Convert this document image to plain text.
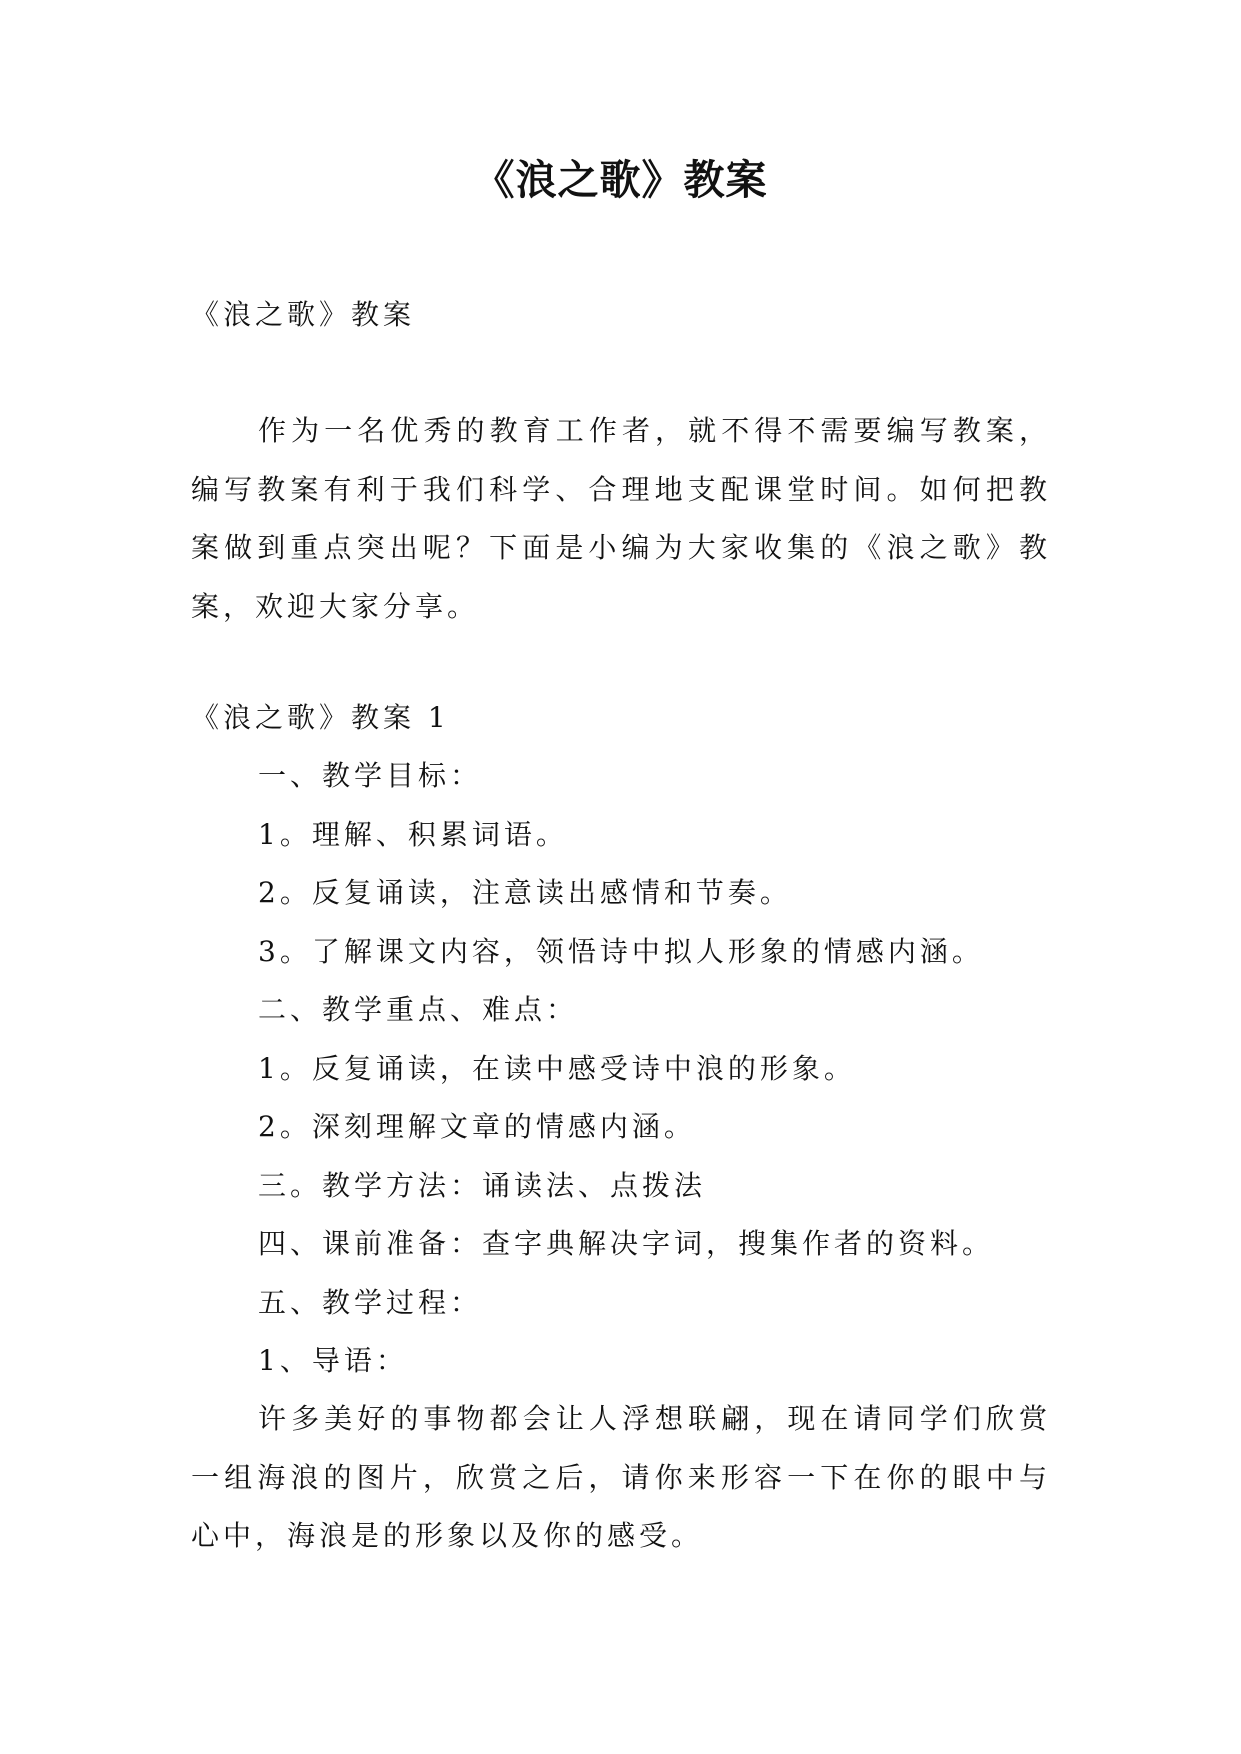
《浪之歌》教案
《浪之歌》教案

作为一名优秀的教育工作者，就不得不需要编写教案，编写教案有利于我们科学、合理地支配课堂时间。如何把教案做到重点突出呢？下面是小编为大家收集的《浪之歌》教案，欢迎大家分享。

《浪之歌》教案 1
一、教学目标：
1。理解、积累词语。
2。反复诵读，注意读出感情和节奏。
3。了解课文内容，领悟诗中拟人形象的情感内涵。
二、教学重点、难点：
1。反复诵读，在读中感受诗中浪的形象。
2。深刻理解文章的情感内涵。
三。教学方法：诵读法、点拨法
四、课前准备：查字典解决字词，搜集作者的资料。
五、教学过程：
1、导语：

许多美好的事物都会让人浮想联翩，现在请同学们欣赏一组海浪的图片，欣赏之后，请你来形容一下在你的眼中与心中，海浪是的形象以及你的感受。
